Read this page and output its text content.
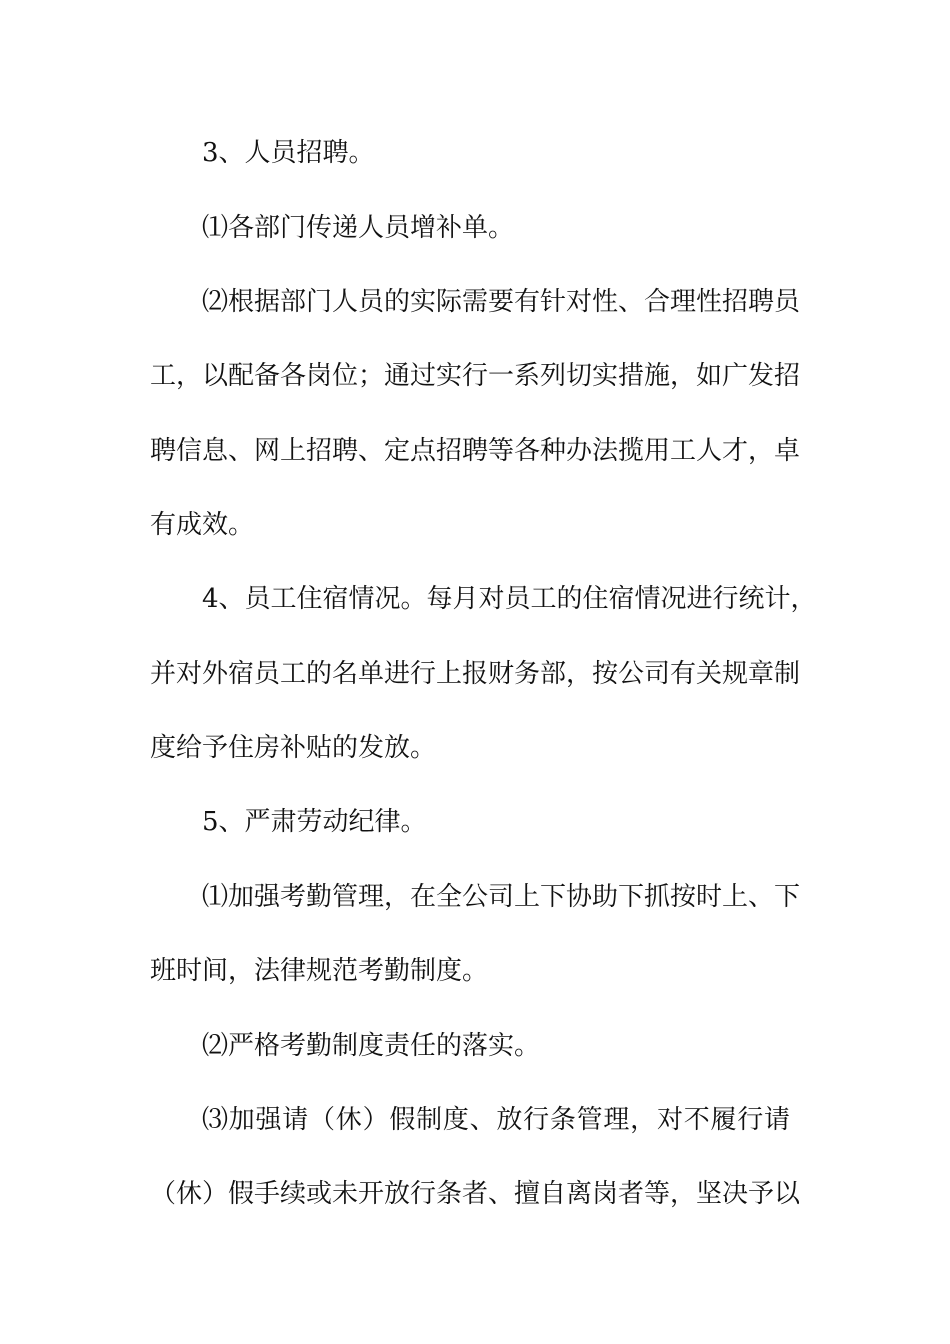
3、人员招聘。
⑴各部门传递人员增补单。
⑵根据部门人员的实际需要有针对性、合理性招聘员
工，以配备各岗位；通过实行一系列切实措施，如广发招
聘信息、网上招聘、定点招聘等各种办法揽用工人才，卓
有成效。
4、员工住宿情况。每月对员工的住宿情况进行统计，
并对外宿员工的名单进行上报财务部，按公司有关规章制
度给予住房补贴的发放。
5、严肃劳动纪律。
⑴加强考勤管理，在全公司上下协助下抓按时上、下
班时间，法律规范考勤制度。
⑵严格考勤制度责任的落实。
⑶加强请（休）假制度、放行条管理，对不履行请
（休）假手续或未开放行条者、擅自离岗者等，坚决予以
